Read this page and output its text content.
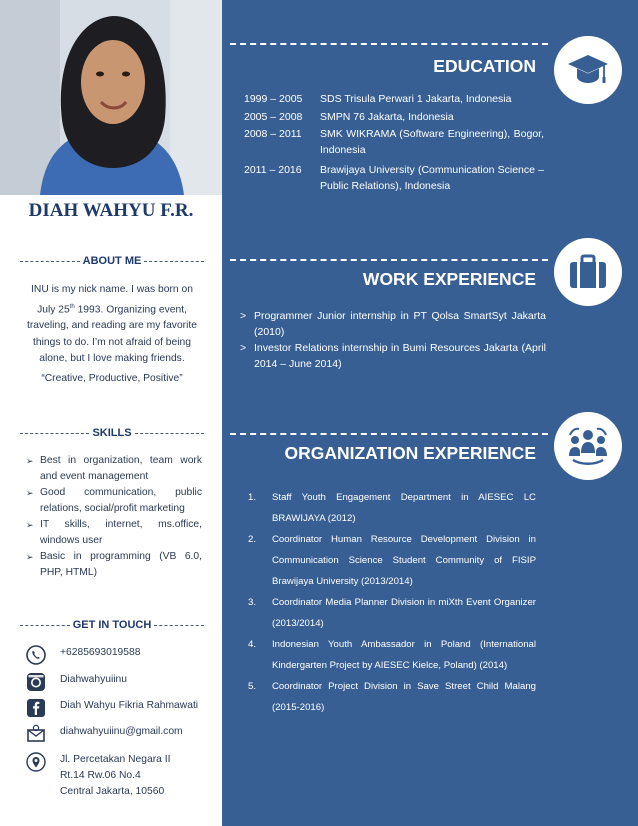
DIAH WAHYU F.R.
ABOUT ME
INU is my nick name. I was born on
July 25th 1993. Organizing event,
traveling, and reading are my favorite
things to do. I’m not afraid of being
alone, but I love making friends.
“Creative, Productive, Positive”
SKILLS
➢ Best in organization, team work and event management
➢ Good communication, public relations, social/profit marketing
➢ IT skills, internet, ms.office, windows user
➢ Basic in programming (VB 6.0, PHP, HTML)
GET IN TOUCH
+6285693019588
Diahwahyuiinu
Diah Wahyu Fikria Rahmawati
diahwahyuiinu@gmail.com
Jl. Percetakan Negara II
Rt.14 Rw.06 No.4
Central Jakarta, 10560
EDUCATION
1999 – 2005	SDS Trisula Perwari 1 Jakarta, Indonesia
2005 – 2008	SMPN 76 Jakarta, Indonesia
2008 – 2011	SMK WIKRAMA (Software Engineering), Bogor, Indonesia
2011 – 2016	Brawijaya University (Communication Science – Public Relations), Indonesia
WORK EXPERIENCE
> Programmer Junior internship in PT Qolsa SmartSyt Jakarta (2010)
> Investor Relations internship in Bumi Resources Jakarta (April 2014 – June 2014)
ORGANIZATION EXPERIENCE
1. Staff Youth Engagement Department in AIESEC LC BRAWIJAYA (2012)
2. Coordinator Human Resource Development Division in Communication Science Student Community of FISIP Brawijaya University (2013/2014)
3. Coordinator Media Planner Division in miXth Event Organizer (2013/2014)
4. Indonesian Youth Ambassador in Poland (International Kindergarten Project by AIESEC Kielce, Poland) (2014)
5. Coordinator Project Division in Save Street Child Malang (2015-2016)
